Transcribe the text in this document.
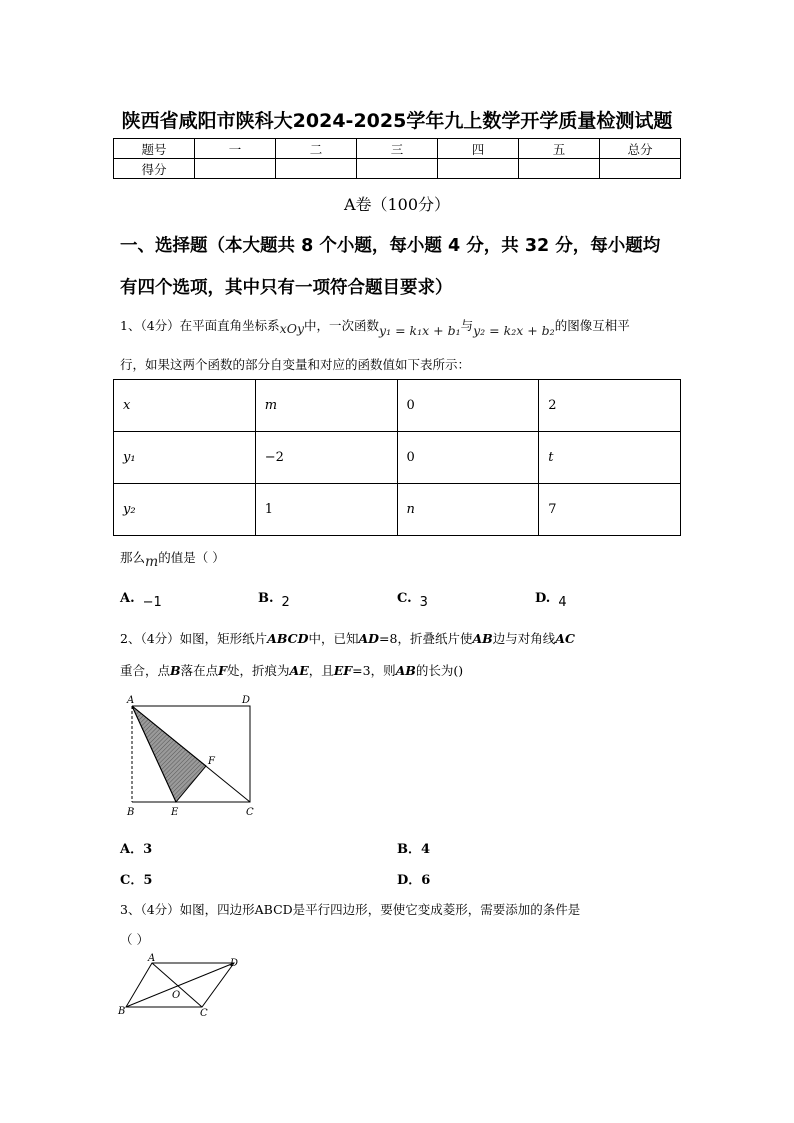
陕西省咸阳市陕科大2024-2025学年九上数学开学质量检测试题
题号	一	二	三	四	五	总分
得分						
A卷（100分）
一、选择题（本大题共 8 个小题，每小题 4 分，共 32 分，每小题均
有四个选项，其中只有一项符合题目要求）
1、（4分）在平面直角坐标系xOy中，一次函数y₁ = k₁x + b₁与y₂ = k₂x + b₂的图像互相平
行，如果这两个函数的部分自变量和对应的函数值如下表所示：
x	m	0	2
y₁	−2	0	t
y₂	1	n	7
那么m的值是（ ）
A. −1	B. 2	C. 3	D. 4
2、（4分）如图，矩形纸片ABCD中，已知AD=8，折叠纸片使AB边与对角线AC
重合，点B落在点F处，折痕为AE，且EF=3，则AB的长为()
A	D
B	E	C
F
A．3	B．4
C．5	D．6
3、（4分）如图，四边形ABCD是平行四边形，要使它变成菱形，需要添加的条件是
（ ）
A	D
B	C
O
